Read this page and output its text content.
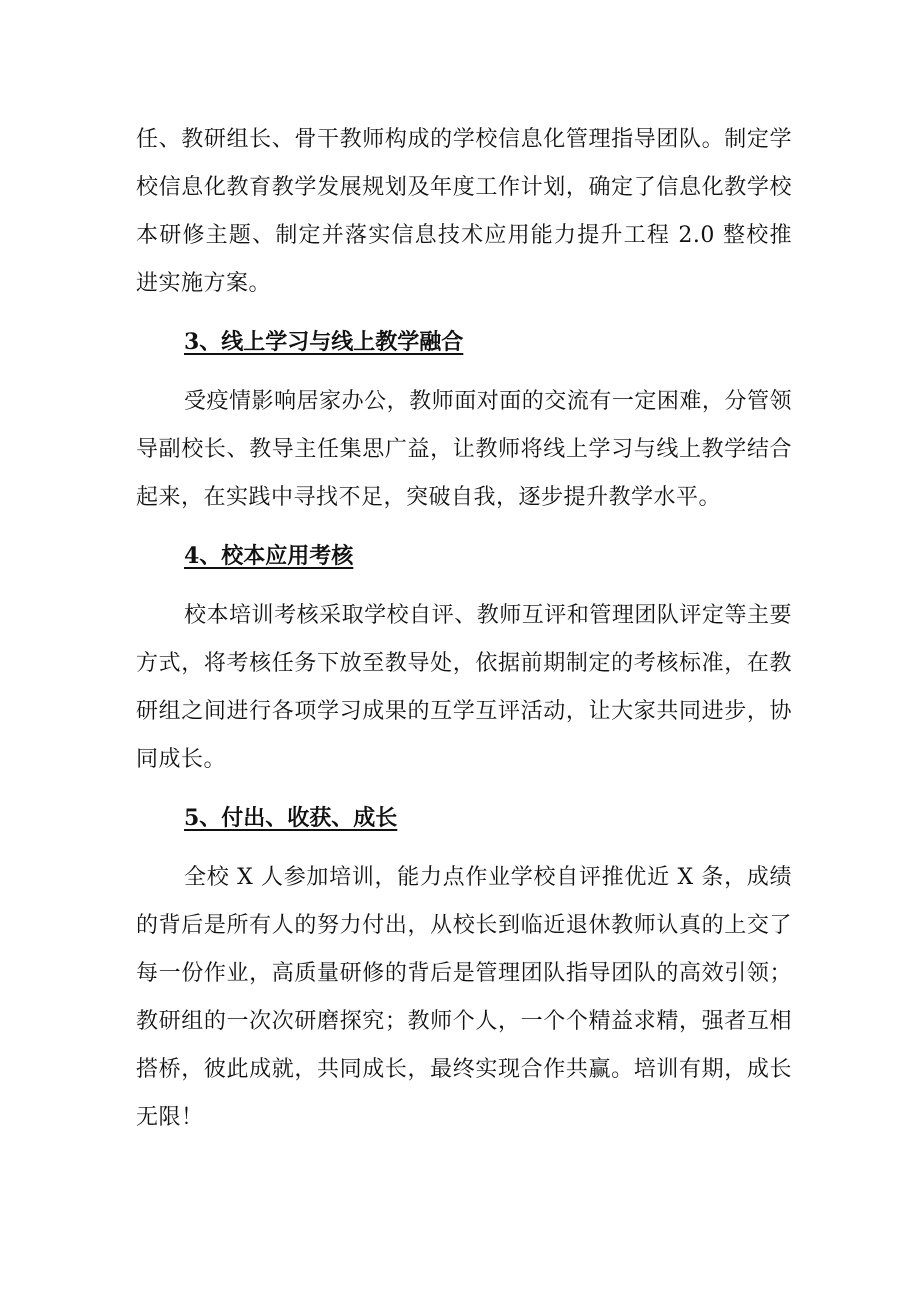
任、教研组长、骨干教师构成的学校信息化管理指导团队。制定学校信息化教育教学发展规划及年度工作计划，确定了信息化教学校本研修主题、制定并落实信息技术应用能力提升工程 2.0 整校推进实施方案。

3、线上学习与线上教学融合

受疫情影响居家办公，教师面对面的交流有一定困难，分管领导副校长、教导主任集思广益，让教师将线上学习与线上教学结合起来，在实践中寻找不足，突破自我，逐步提升教学水平。

4、校本应用考核

校本培训考核采取学校自评、教师互评和管理团队评定等主要方式，将考核任务下放至教导处，依据前期制定的考核标准，在教研组之间进行各项学习成果的互学互评活动，让大家共同进步，协同成长。

5、付出、收获、成长

全校 X 人参加培训，能力点作业学校自评推优近 X 条，成绩的背后是所有人的努力付出，从校长到临近退休教师认真的上交了每一份作业，高质量研修的背后是管理团队指导团队的高效引领；教研组的一次次研磨探究；教师个人，一个个精益求精，强者互相搭桥，彼此成就，共同成长，最终实现合作共赢。培训有期，成长无限！
